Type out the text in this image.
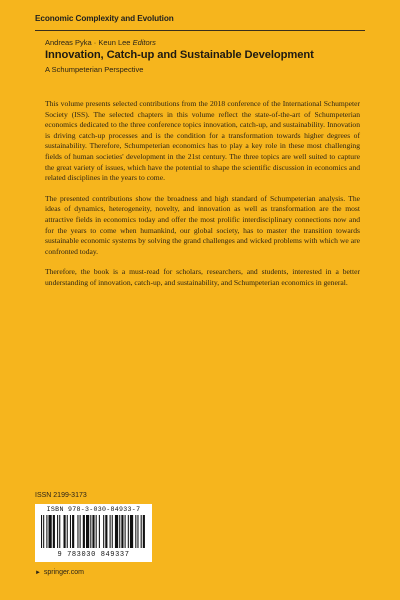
Economic Complexity and Evolution
Andreas Pyka · Keun Lee Editors
Innovation, Catch-up and Sustainable Development
A Schumpeterian Perspective

This volume presents selected contributions from the 2018 conference of the International Schumpeter Society (ISS). The selected chapters in this volume reflect the state-of-the-art of Schumpeterian economics dedicated to the three conference topics innovation, catch-up, and sustainability. Innovation is driving catch-up processes and is the condition for a transformation towards higher degrees of sustainability. Therefore, Schumpeterian economics has to play a key role in these most challenging fields of human societies' development in the 21st century. The three topics are well suited to capture the great variety of issues, which have the potential to shape the scientific discussion in economics and related disciplines in the years to come.

The presented contributions show the broadness and high standard of Schumpeterian analysis. The ideas of dynamics, heterogeneity, novelty, and innovation as well as transformation are the most attractive fields in economics today and offer the most prolific interdisciplinary connections now and for the years to come when humankind, our global society, has to master the transition towards sustainable economic systems by solving the grand challenges and wicked problems with which we are confronted today.

Therefore, the book is a must-read for scholars, researchers, and students, interested in a better understanding of innovation, catch-up, and sustainability, and Schumpeterian economics in general.

ISSN 2199-3173
ISBN 978-3-030-84933-7
9 783030 849337
► springer.com
